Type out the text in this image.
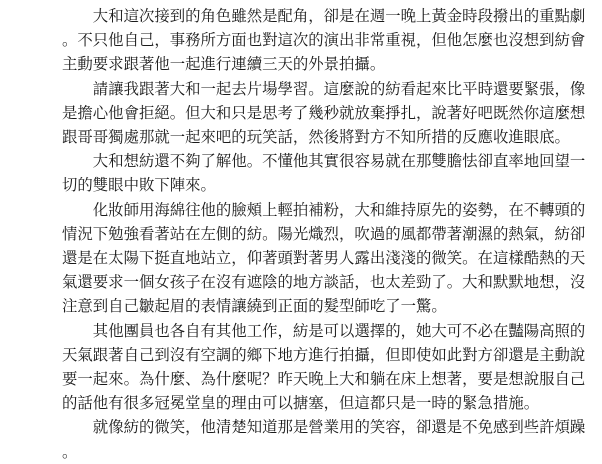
大和這次接到的角色雖然是配角，卻是在週一晚上黃金時段撥出的重點劇。不只他自己，事務所方面也對這次的演出非常重視，但他怎麼也沒想到紡會主動要求跟著他一起進行連續三天的外景拍攝。

請讓我跟著大和一起去片場學習。這麼說的紡看起來比平時還要緊張，像是擔心他會拒絕。但大和只是思考了幾秒就放棄掙扎，說著好吧既然你這麼想跟哥哥獨處那就一起來吧的玩笑話，然後將對方不知所措的反應收進眼底。

大和想紡還不夠了解他。不懂他其實很容易就在那雙膽怯卻直率地回望一切的雙眼中敗下陣來。

化妝師用海綿往他的臉頰上輕拍補粉，大和維持原先的姿勢，在不轉頭的情況下勉強看著站在左側的紡。陽光熾烈，吹過的風都帶著潮濕的熱氣，紡卻還是在太陽下挺直地站立，仰著頭對著男人露出淺淺的微笑。在這樣酷熱的天氣還要求一個女孩子在沒有遮陰的地方談話，也太差勁了。大和默默地想，沒注意到自己皺起眉的表情讓繞到正面的髮型師吃了一驚。

其他團員也各自有其他工作，紡是可以選擇的，她大可不必在豔陽高照的天氣跟著自己到沒有空調的鄉下地方進行拍攝，但即使如此對方卻還是主動說要一起來。為什麼、為什麼呢？昨天晚上大和躺在床上想著，要是想說服自己的話他有很多冠冕堂皇的理由可以搪塞，但這都只是一時的緊急措施。

就像紡的微笑，他清楚知道那是營業用的笑容，卻還是不免感到些許煩躁。
